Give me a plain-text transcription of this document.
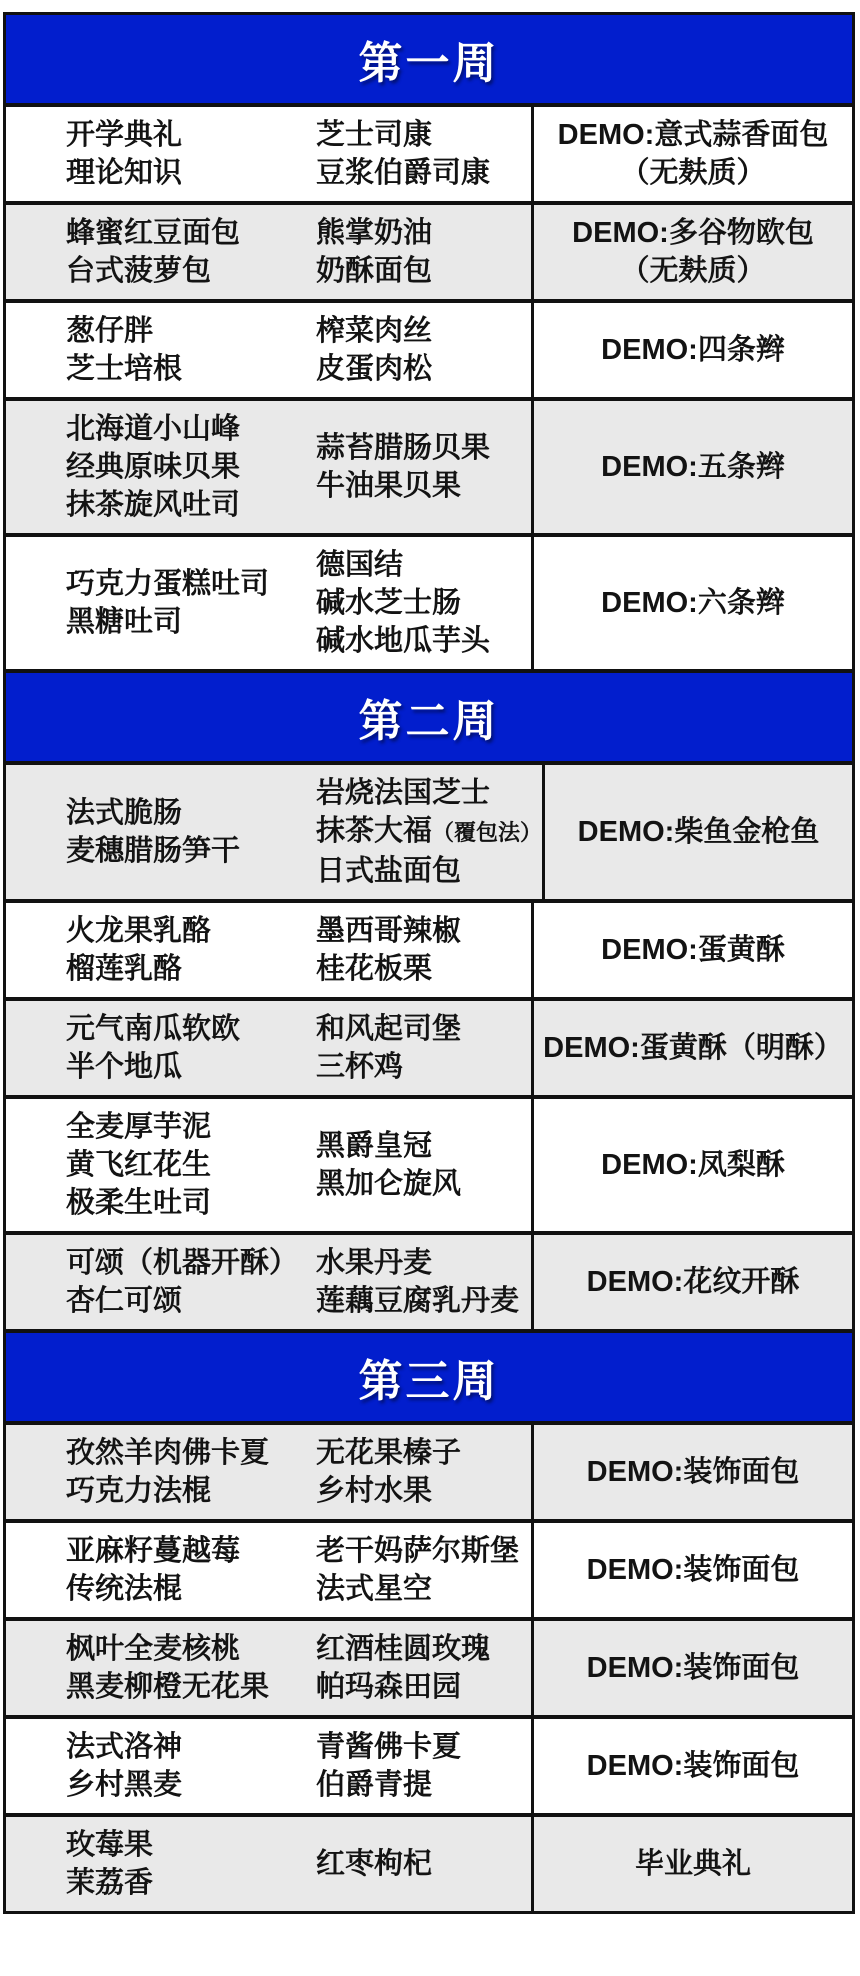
第一周
开学典礼
理论知识
芝士司康
豆浆伯爵司康
DEMO:意式蒜香面包
（无麸质）
蜂蜜红豆面包
台式菠萝包
熊掌奶油
奶酥面包
DEMO:多谷物欧包
（无麸质）
葱仔胖
芝士培根
榨菜肉丝
皮蛋肉松
DEMO:四条辫
北海道小山峰
经典原味贝果
抹茶旋风吐司
蒜苔腊肠贝果
牛油果贝果
DEMO:五条辫
巧克力蛋糕吐司
黑糖吐司
德国结
碱水芝士肠
碱水地瓜芋头
DEMO:六条辫
第二周
法式脆肠
麦穗腊肠笋干
岩烧法国芝士
抹茶大福（覆包法）
日式盐面包
DEMO:柴鱼金枪鱼
火龙果乳酪
榴莲乳酪
墨西哥辣椒
桂花板栗
DEMO:蛋黄酥
元气南瓜软欧
半个地瓜
和风起司堡
三杯鸡
DEMO:蛋黄酥（明酥）
全麦厚芋泥
黄飞红花生
极柔生吐司
黑爵皇冠
黑加仑旋风
DEMO:凤梨酥
可颂（机器开酥）
杏仁可颂
水果丹麦
莲藕豆腐乳丹麦
DEMO:花纹开酥
第三周
孜然羊肉佛卡夏
巧克力法棍
无花果榛子
乡村水果
DEMO:装饰面包
亚麻籽蔓越莓
传统法棍
老干妈萨尔斯堡
法式星空
DEMO:装饰面包
枫叶全麦核桃
黑麦柳橙无花果
红酒桂圆玫瑰
帕玛森田园
DEMO:装饰面包
法式洛神
乡村黑麦
青酱佛卡夏
伯爵青提
DEMO:装饰面包
玫莓果
茉荔香
红枣枸杞	毕业典礼
